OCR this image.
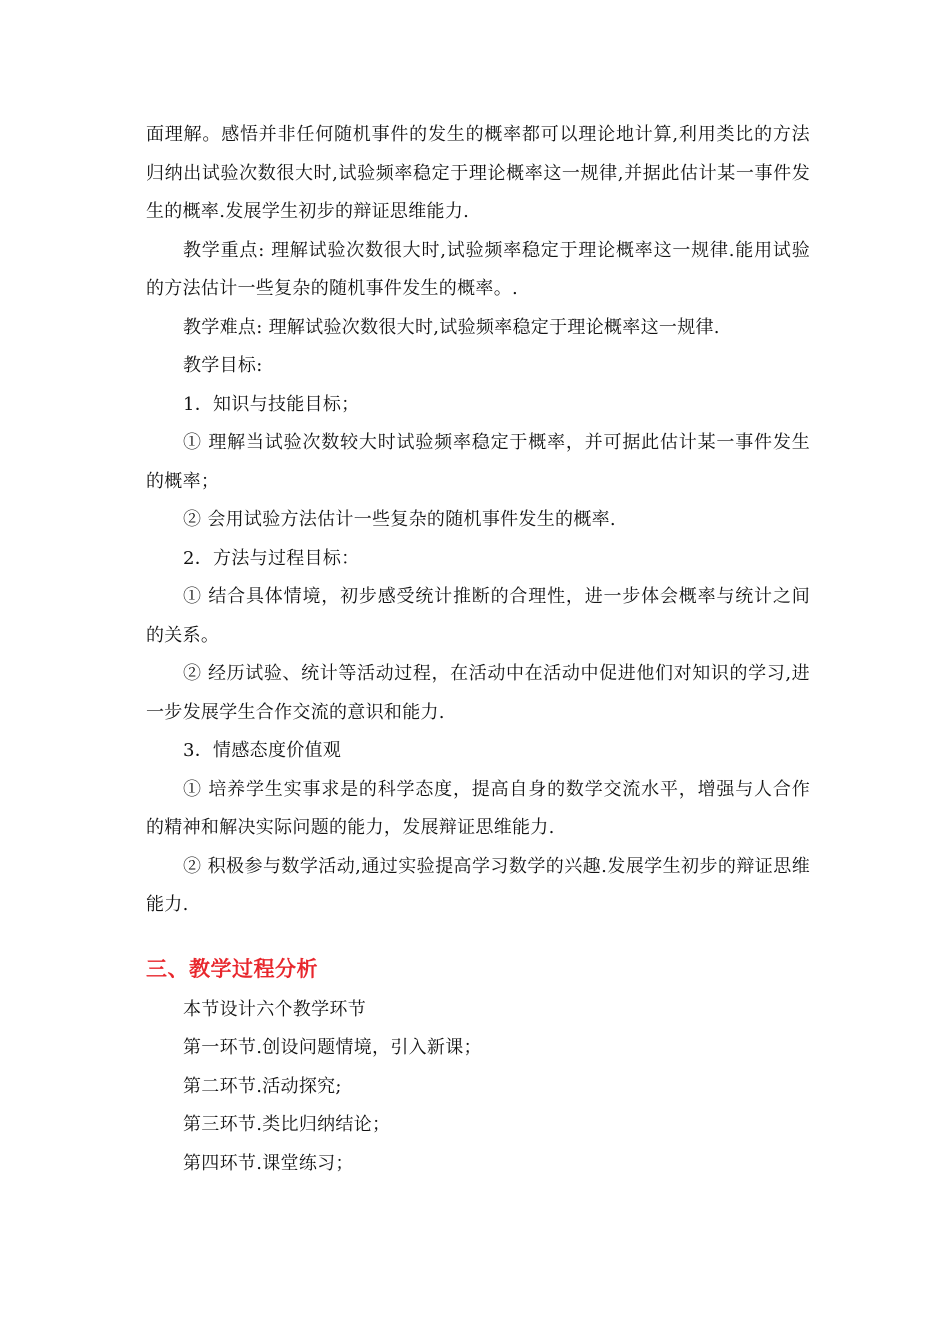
面理解。感悟并非任何随机事件的发生的概率都可以理论地计算,利用类比的方法归纳出试验次数很大时,试验频率稳定于理论概率这一规律,并据此估计某一事件发生的概率.发展学生初步的辩证思维能力.

教学重点: 理解试验次数很大时,试验频率稳定于理论概率这一规律.能用试验的方法估计一些复杂的随机事件发生的概率。.

教学难点: 理解试验次数很大时,试验频率稳定于理论概率这一规律.

教学目标:

1．知识与技能目标；

① 理解当试验次数较大时试验频率稳定于概率，并可据此估计某一事件发生的概率；

② 会用试验方法估计一些复杂的随机事件发生的概率.

2．方法与过程目标：

① 结合具体情境，初步感受统计推断的合理性，进一步体会概率与统计之间的关系。

② 经历试验、统计等活动过程，在活动中在活动中促进他们对知识的学习,进一步发展学生合作交流的意识和能力.

3．情感态度价值观

① 培养学生实事求是的科学态度，提高自身的数学交流水平，增强与人合作的精神和解决实际问题的能力，发展辩证思维能力.

② 积极参与数学活动,通过实验提高学习数学的兴趣.发展学生初步的辩证思维能力.

三、教学过程分析

本节设计六个教学环节

第一环节.创设问题情境，引入新课；

第二环节.活动探究;

第三环节.类比归纳结论；

第四环节.课堂练习；
